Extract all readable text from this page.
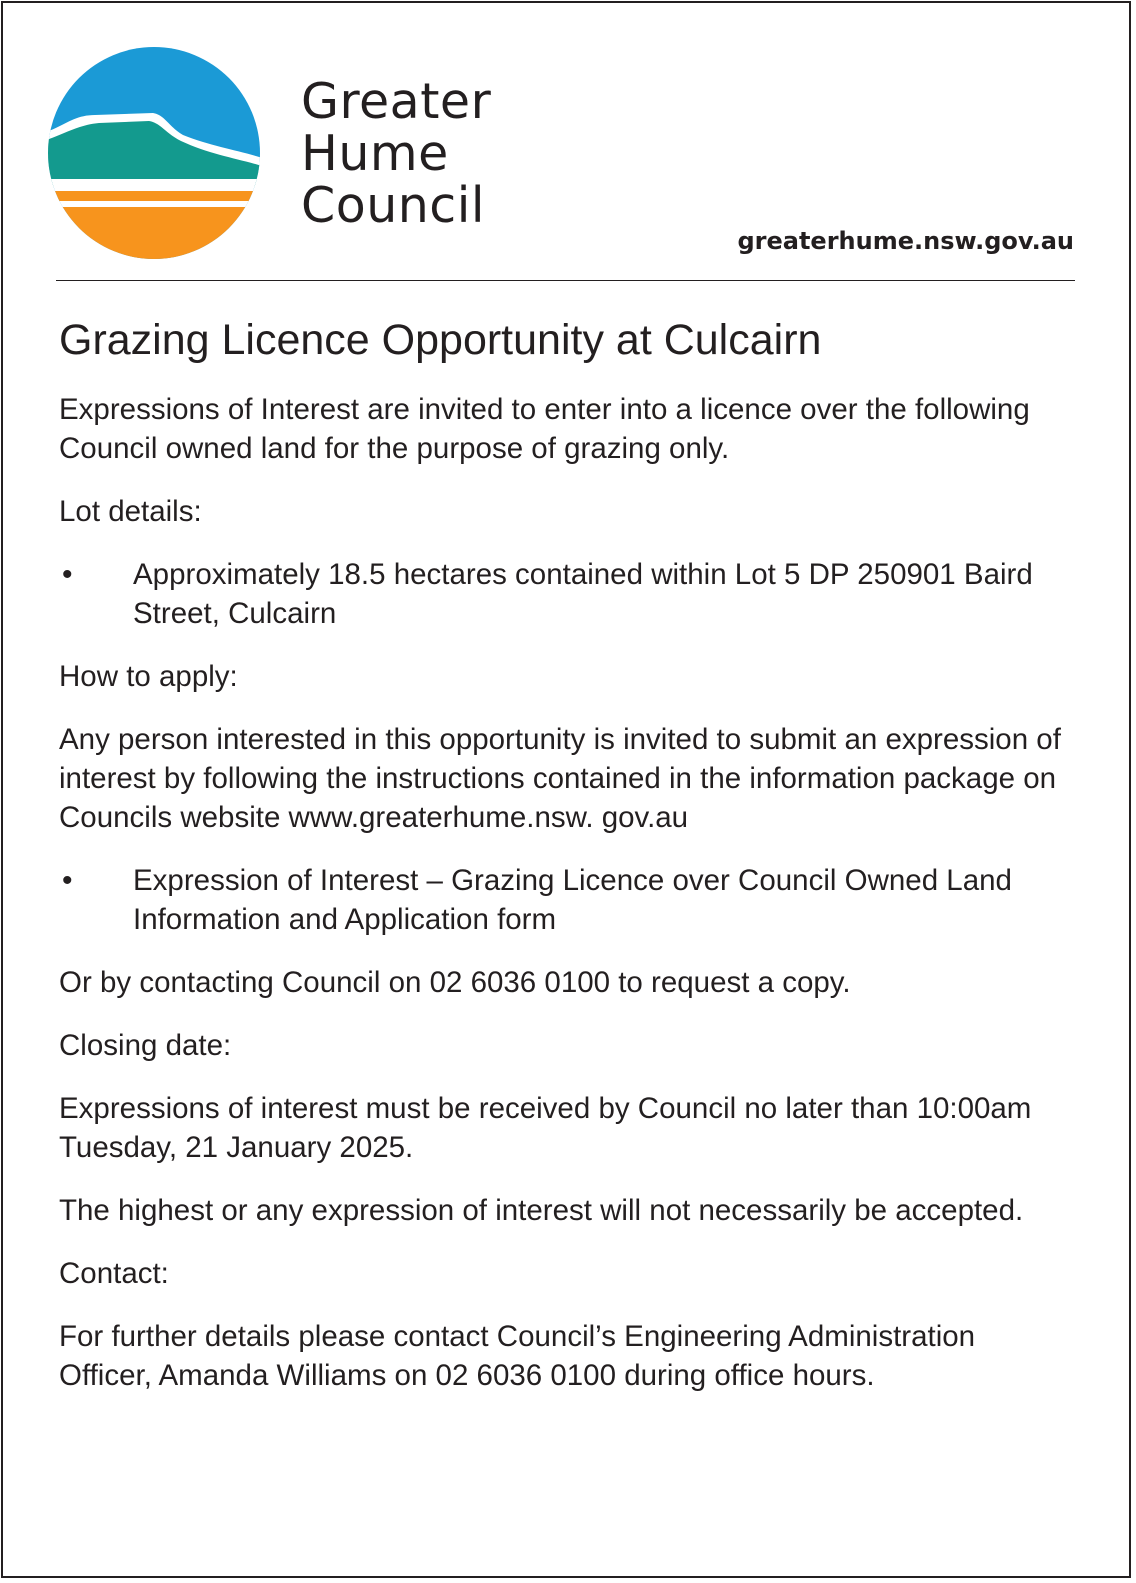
Greater
Hume
Council
greaterhume.nsw.gov.au
Grazing Licence Opportunity at Culcairn

Expressions of Interest are invited to enter into a licence over the following Council owned land for the purpose of grazing only.

Lot details:

• Approximately 18.5 hectares contained within Lot 5 DP 250901 Baird Street, Culcairn

How to apply:

Any person interested in this opportunity is invited to submit an expression of interest by following the instructions contained in the information package on Councils website www.greaterhume.nsw. gov.au

• Expression of Interest – Grazing Licence over Council Owned Land Information and Application form

Or by contacting Council on 02 6036 0100 to request a copy.

Closing date:

Expressions of interest must be received by Council no later than 10:00am Tuesday, 21 January 2025.

The highest or any expression of interest will not necessarily be accepted.

Contact:

For further details please contact Council’s Engineering Administration Officer, Amanda Williams on 02 6036 0100 during office hours.
